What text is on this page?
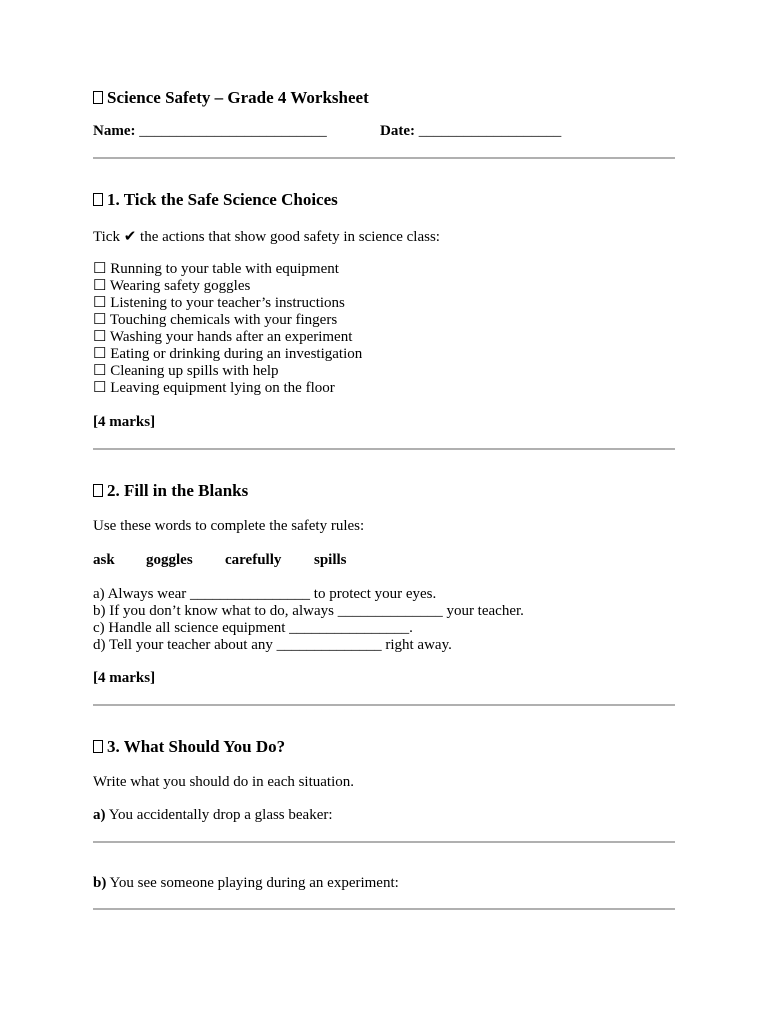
Science Safety – Grade 4 Worksheet
Name: _________________________	Date: ___________________
1. Tick the Safe Science Choices
Tick ✔ the actions that show good safety in science class:
☐ Running to your table with equipment
☐ Wearing safety goggles
☐ Listening to your teacher’s instructions
☐ Touching chemicals with your fingers
☐ Washing your hands after an experiment
☐ Eating or drinking during an investigation
☐ Cleaning up spills with help
☐ Leaving equipment lying on the floor
[4 marks]
2. Fill in the Blanks
Use these words to complete the safety rules:
ask goggles carefully spills
a) Always wear ________________ to protect your eyes.
b) If you don’t know what to do, always ______________ your teacher.
c) Handle all science equipment ________________.
d) Tell your teacher about any ______________ right away.
[4 marks]
3. What Should You Do?
Write what you should do in each situation.
a) You accidentally drop a glass beaker:
b) You see someone playing during an experiment:
